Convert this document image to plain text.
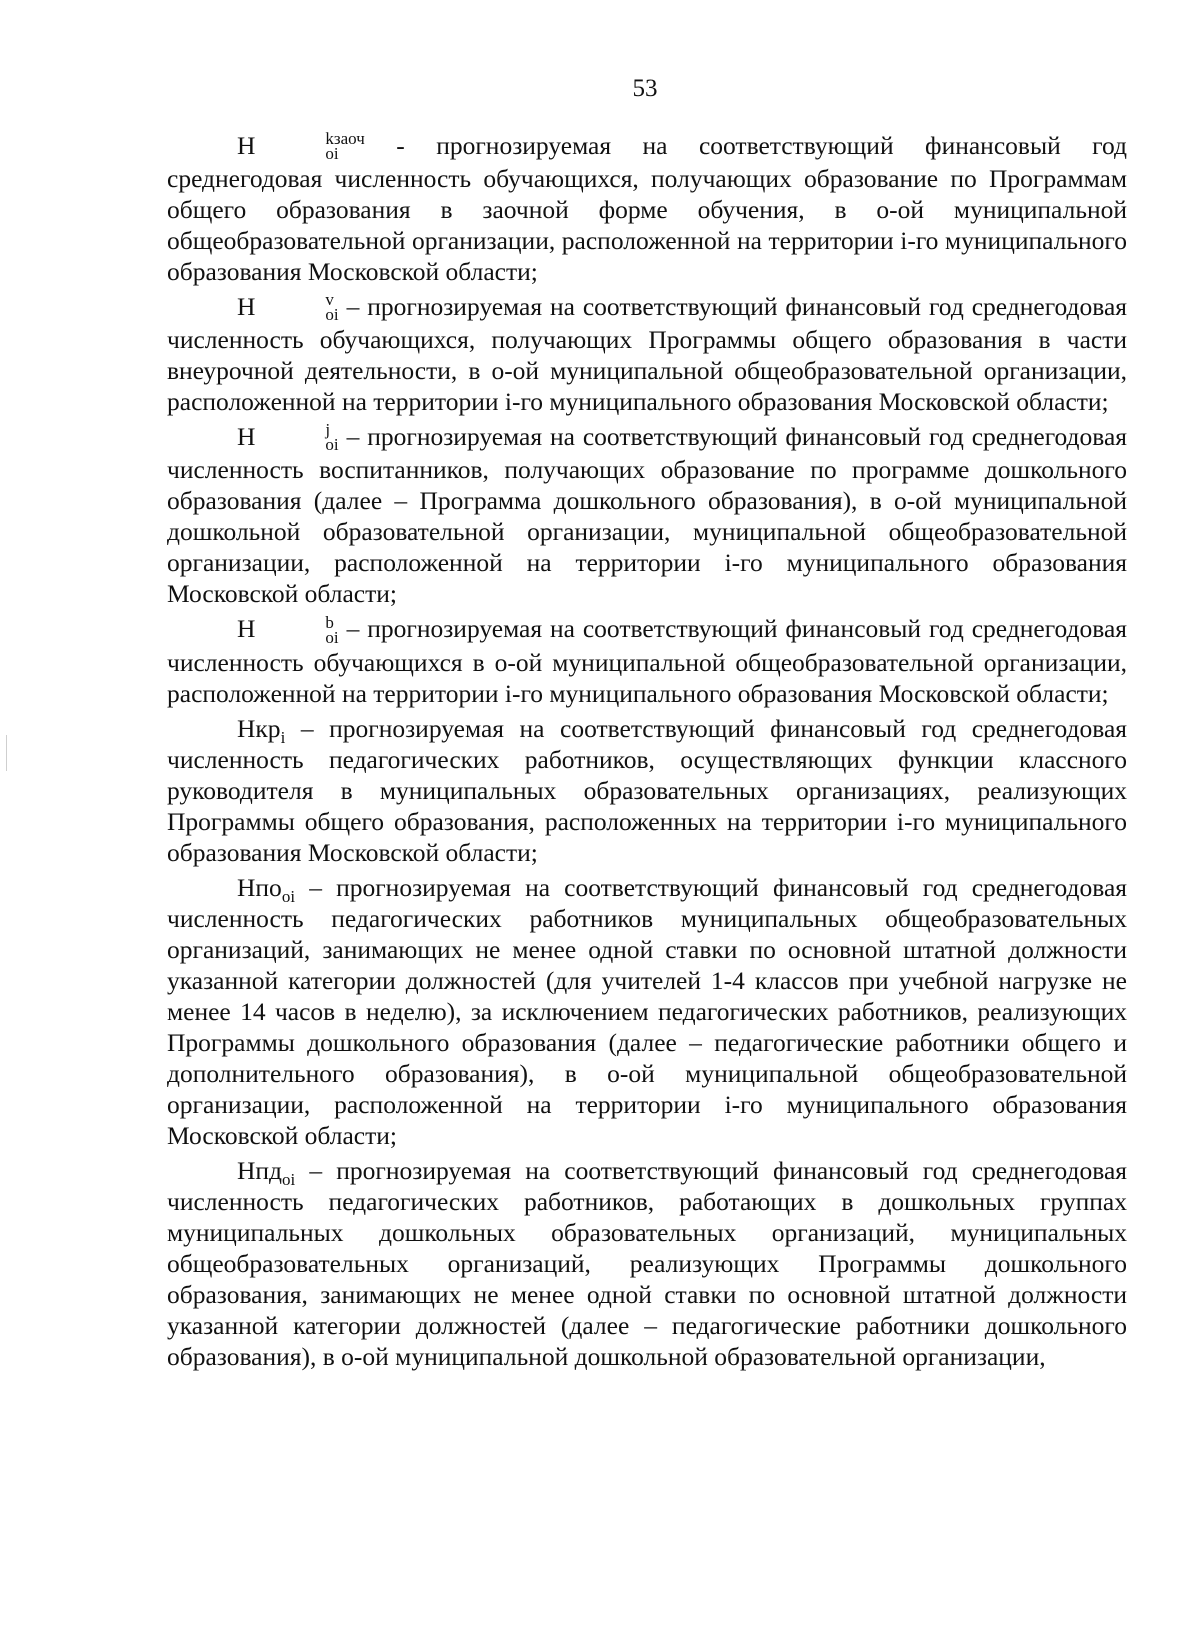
53

Н	kзаоч
oi	- прогнозируемая на соответствующий финансовый год среднегодовая численность обучающихся, получающих образование по Программам общего образования в заочной форме обучения, в о-ой муниципальной общеобразовательной организации, расположенной на территории i-го муниципального образования Московской области;

Н	v
oi – прогнозируемая на соответствующий финансовый год среднегодовая численность обучающихся, получающих Программы общего образования в части внеурочной деятельности, в о-ой муниципальной общеобразовательной организации, расположенной на территории i-го муниципального образования Московской области;

Н	j
oi – прогнозируемая на соответствующий финансовый год среднегодовая численность воспитанников, получающих образование по программе дошкольного образования (далее – Программа дошкольного образования), в о-ой муниципальной дошкольной образовательной организации, муниципальной общеобразовательной организации, расположенной на территории i-го муниципального образования Московской области;

Н	b
oi – прогнозируемая на соответствующий финансовый год среднегодовая численность обучающихся в о-ой муниципальной общеобразовательной организации, расположенной на территории i-го муниципального образования Московской области;

Нкр$_i$ – прогнозируемая на соответствующий финансовый год среднегодовая численность педагогических работников, осуществляющих функции классного руководителя в муниципальных образовательных организациях, реализующих Программы общего образования, расположенных на территории i-го муниципального образования Московской области;

Нпо$_{oi}$ – прогнозируемая на соответствующий финансовый год среднегодовая численность педагогических работников муниципальных общеобразовательных организаций, занимающих не менее одной ставки по основной штатной должности указанной категории должностей (для учителей 1-4 классов при учебной нагрузке не менее 14 часов в неделю), за исключением педагогических работников, реализующих Программы дошкольного образования (далее – педагогические работники общего и дополнительного образования), в о-ой муниципальной общеобразовательной организации, расположенной на территории i-го муниципального образования Московской области;

Нпд$_{oi}$ – прогнозируемая на соответствующий финансовый год среднегодовая численность педагогических работников, работающих в дошкольных группах муниципальных дошкольных образовательных организаций, муниципальных общеобразовательных организаций, реализующих Программы дошкольного образования, занимающих не менее одной ставки по основной штатной должности указанной категории должностей (далее – педагогические работники дошкольного образования), в о-ой муниципальной дошкольной образовательной организации,
